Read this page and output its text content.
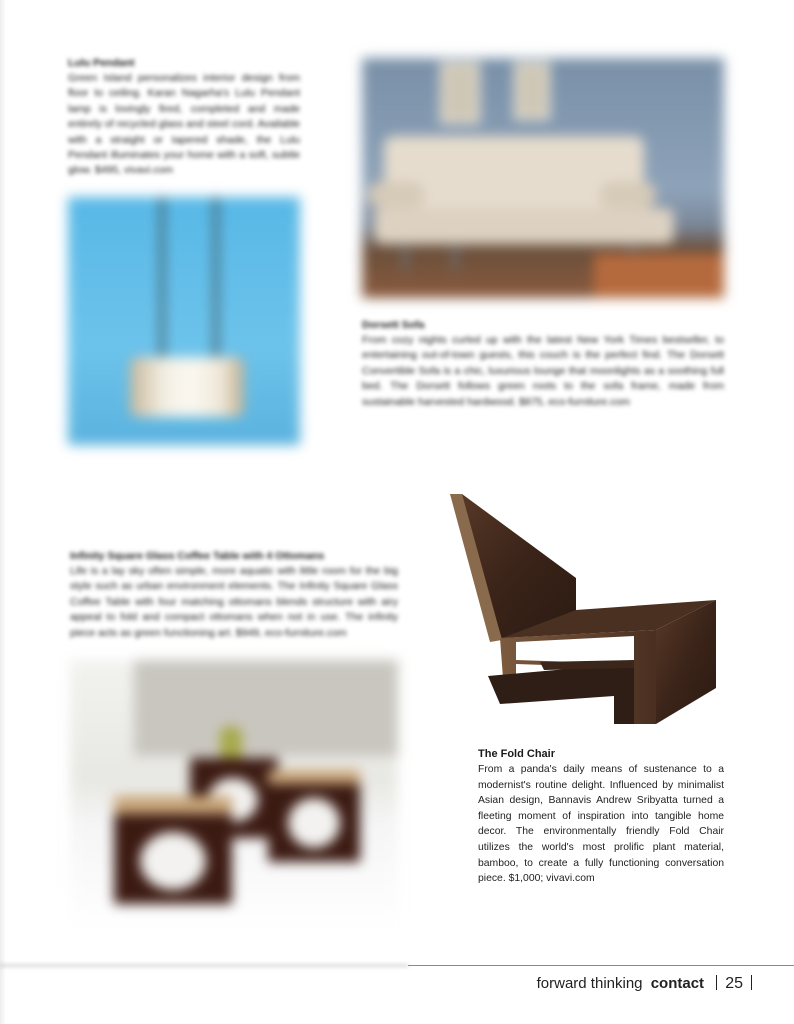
Lulu Pendant

Green Island personalizes interior design from floor to ceiling. Karan Nagarha's Lulu Pendant lamp is lovingly fired, completed and made entirely of recycled glass and steel cord. Available with a straight or tapered shade, the Lulu Pendant illuminates your home with a soft, subtle glow. $495, vivavi.com

Dorsett Sofa

From cozy nights curled up with the latest New York Times bestseller, to entertaining out-of-town guests, this couch is the perfect find. The Dorsett Convertible Sofa is a chic, luxurious lounge that moonlights as a soothing full bed. The Dorsett follows green roots to the sofa frame, made from sustainable harvested hardwood. $875, eco-furniture.com

Infinity Square Glass Coffee Table with 4 Ottomans

Life is a lay sky often simple, more aquatic with little room for the big style such as urban environment elements. The Infinity Square Glass Coffee Table with four matching ottomans blends structure with airy appeal to fold and compact ottomans when not in use. The infinity piece acts as green functioning art. $949, eco-furniture.com

The Fold Chair

From a panda's daily means of sustenance to a modernist's routine delight. Influenced by minimalist Asian design, Bannavis Andrew Sribyatta turned a fleeting moment of inspiration into tangible home decor. The environmentally friendly Fold Chair utilizes the world's most prolific plant material, bamboo, to create a fully functioning conversation piece. $1,000; vivavi.com

forward thinking contact 25
